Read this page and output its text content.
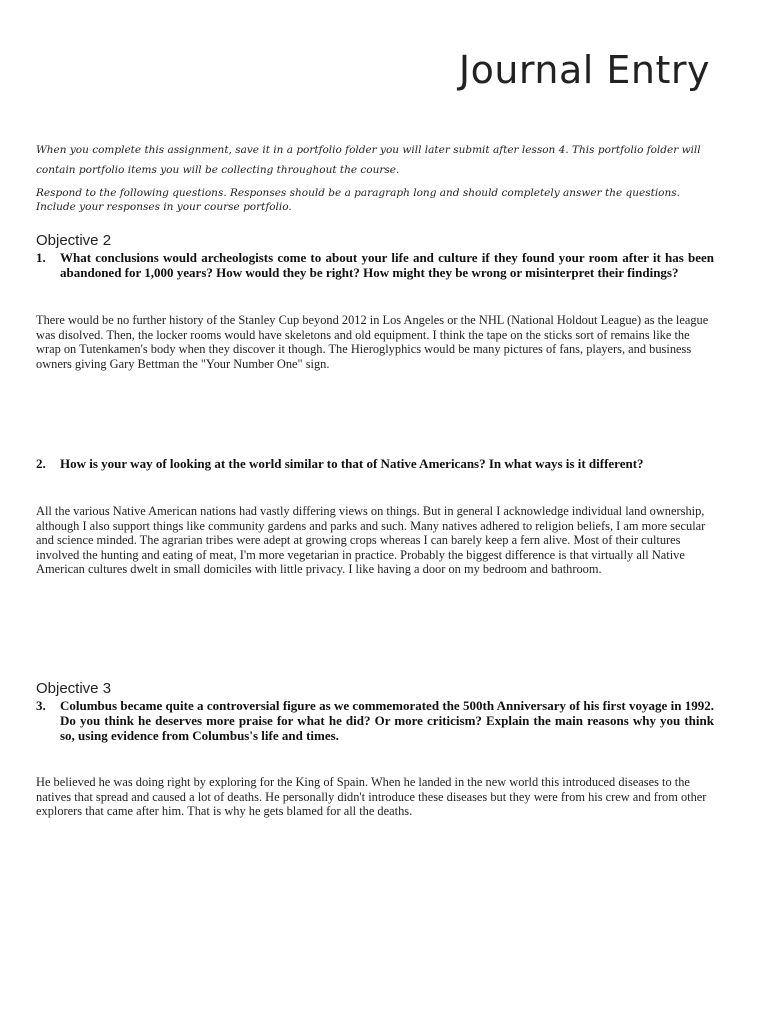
Journal Entry
When you complete this assignment, save it in a portfolio folder you will later submit after lesson 4. This portfolio folder will contain portfolio items you will be collecting throughout the course.
Respond to the following questions. Responses should be a paragraph long and should completely answer the questions. Include your responses in your course portfolio.
Objective 2
1.	What conclusions would archeologists come to about your life and culture if they found your room after it has been abandoned for 1,000 years? How would they be right? How might they be wrong or misinterpret their findings?
There would be no further history of the Stanley Cup beyond 2012 in Los Angeles or the NHL (National Holdout League) as the league was disolved. Then, the locker rooms would have skeletons and old equipment. I think the tape on the sticks sort of remains like the wrap on Tutenkamen's body when they discover it though. The Hieroglyphics would be many pictures of fans, players, and business owners giving Gary Bettman the "Your Number One" sign.
2.	How is your way of looking at the world similar to that of Native Americans? In what ways is it different?
All the various Native American nations had vastly differing views on things. But in general I acknowledge individual land ownership, although I also support things like community gardens and parks and such. Many natives adhered to religion beliefs, I am more secular and science minded. The agrarian tribes were adept at growing crops whereas I can barely keep a fern alive. Most of their cultures involved the hunting and eating of meat, I'm more vegetarian in practice. Probably the biggest difference is that virtually all Native American cultures dwelt in small domiciles with little privacy. I like having a door on my bedroom and bathroom.
Objective 3
3.	Columbus became quite a controversial figure as we commemorated the 500th Anniversary of his first voyage in 1992. Do you think he deserves more praise for what he did? Or more criticism? Explain the main reasons why you think so, using evidence from Columbus's life and times.
He believed he was doing right by exploring for the King of Spain. When he landed in the new world this introduced diseases to the natives that spread and caused a lot of deaths. He personally didn't introduce these diseases but they were from his crew and from other explorers that came after him. That is why he gets blamed for all the deaths.
